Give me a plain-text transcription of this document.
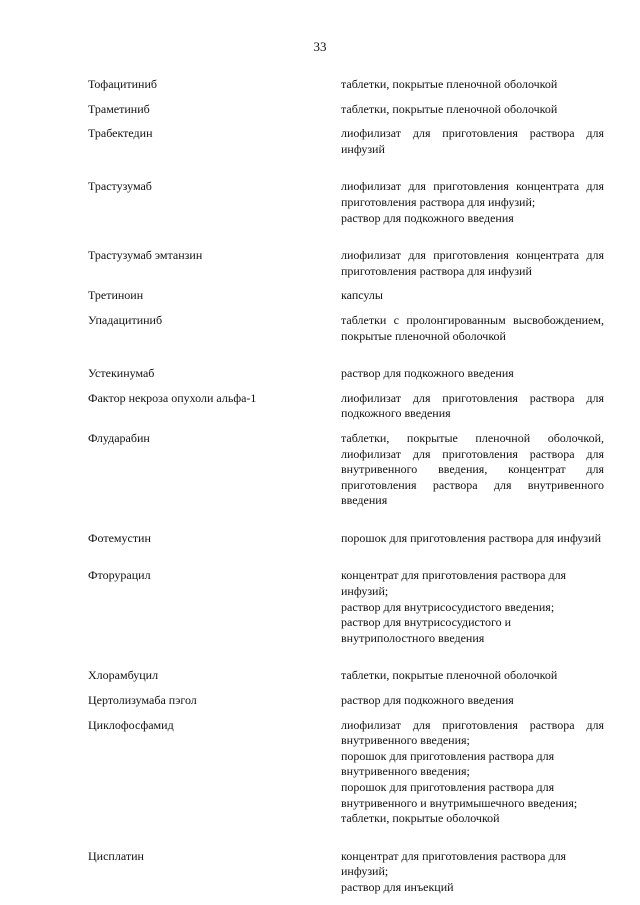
33
Тофацитиниб	таблетки, покрытые пленочной оболочкой
Траметиниб	таблетки, покрытые пленочной оболочкой
Трабектедин	лиофилизат для приготовления раствора для инфузий
Трастузумаб	лиофилизат для приготовления концентрата для приготовления раствора для инфузий;
раствор для подкожного введения
Трастузумаб эмтанзин	лиофилизат для приготовления концентрата для приготовления раствора для инфузий
Третиноин	капсулы
Упадацитиниб	таблетки с пролонгированным высвобождением, покрытые пленочной оболочкой
Устекинумаб	раствор для подкожного введения
Фактор некроза опухоли альфа-1	лиофилизат для приготовления раствора для подкожного введения
Флударабин	таблетки, покрытые пленочной оболочкой, лиофилизат для приготовления раствора для внутривенного введения, концентрат для приготовления раствора для внутривенного введения
Фотемустин	порошок для приготовления раствора для инфузий
Фторурацил	концентрат для приготовления раствора для инфузий;
раствор для внутрисосудистого введения;
раствор для внутрисосудистого и внутриполостного введения
Хлорамбуцил	таблетки, покрытые пленочной оболочкой
Цертолизумаба пэгол	раствор для подкожного введения
Циклофосфамид	лиофилизат для приготовления раствора для внутривенного введения;
порошок для приготовления раствора для внутривенного введения;
порошок для приготовления раствора для внутривенного и внутримышечного введения;
таблетки, покрытые оболочкой
Цисплатин	концентрат для приготовления раствора для инфузий;
раствор для инъекций
